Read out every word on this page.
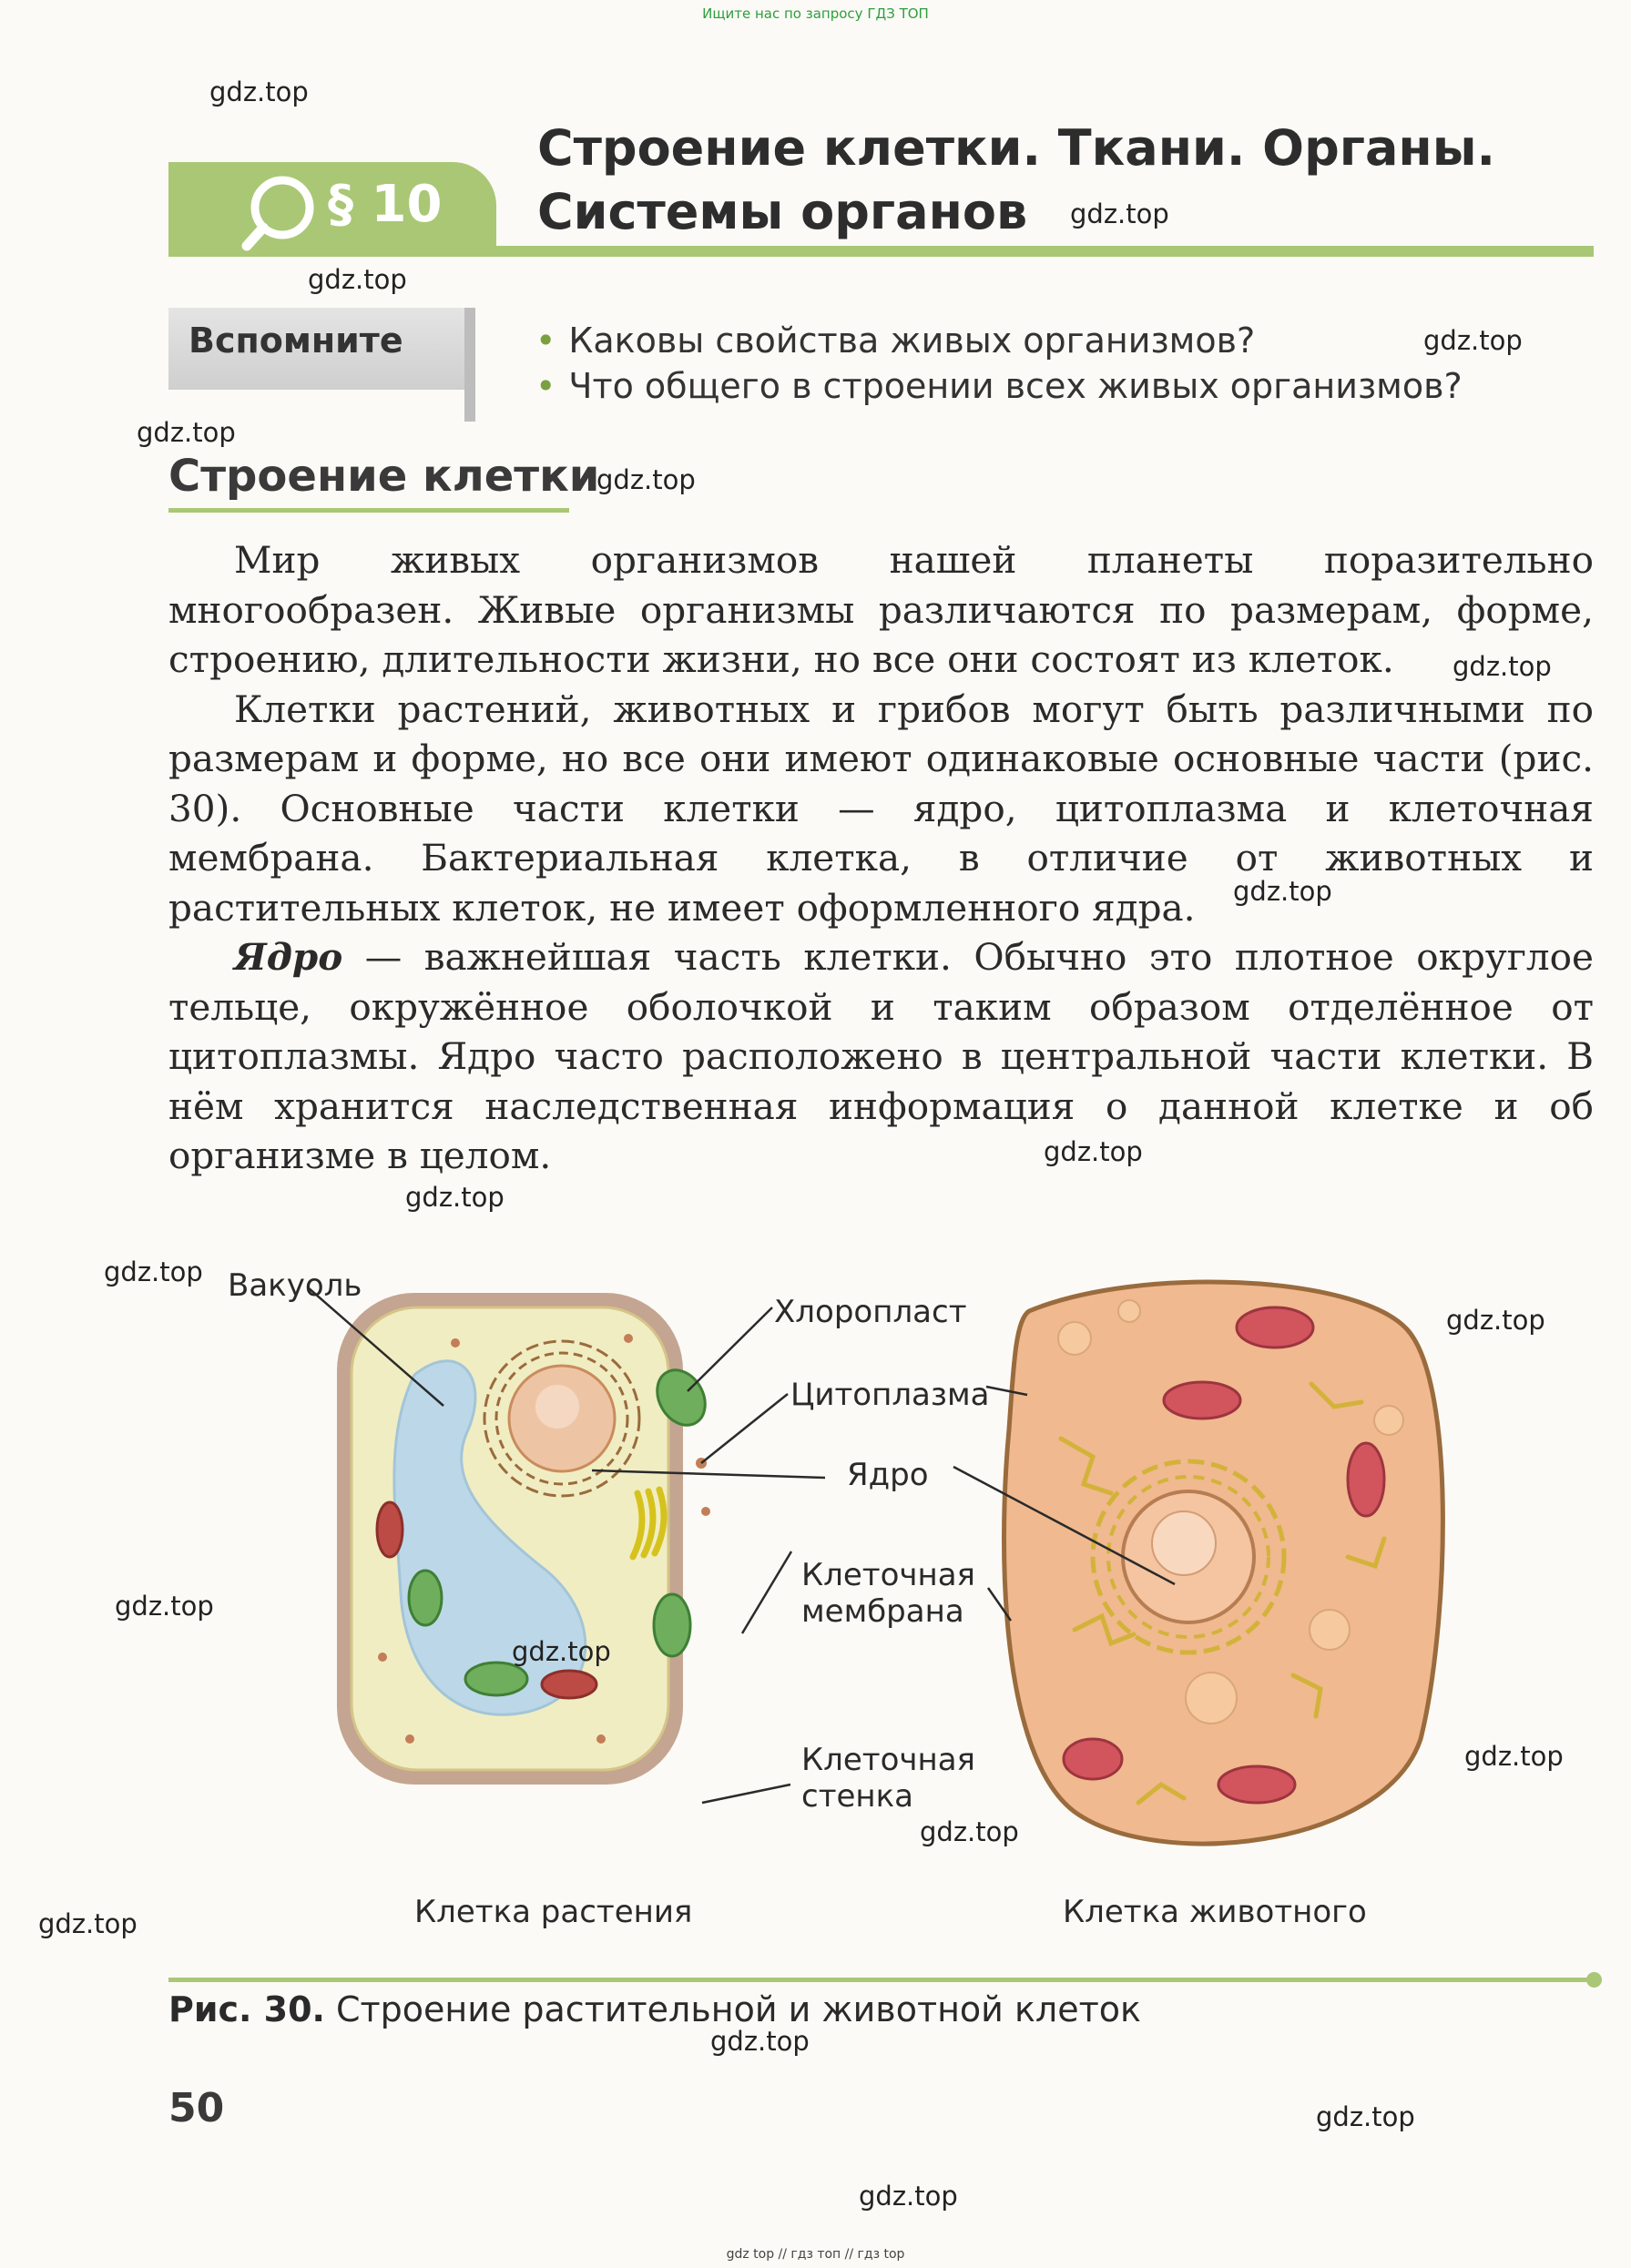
Ищите нас по запросу ГДЗ ТОП
gdz top // гдз топ // гдз top
§ 10
Строение клетки. Ткани. Органы.
Системы органов
Вспомните	• Каковы свойства живых организмов?
• Что общего в строении всех живых организмов?
Строение клетки

Мир живых организмов нашей планеты поразительно многообразен. Живые организмы различаются по размерам, форме, строению, длительности жизни, но все они состоят из клеток.

Клетки растений, животных и грибов могут быть различными по размерам и форме, но все они имеют одинаковые основные части (рис. 30). Основные части клетки — ядро, цитоплазма и клеточная мембрана. Бактериальная клетка, в отличие от животных и растительных клеток, не имеет оформленного ядра.

Ядро — важнейшая часть клетки. Обычно это плотное округлое тельце, окружённое оболочкой и таким образом отделённое от цитоплазмы. Ядро часто расположено в центральной части клетки. В нём хранится наследственная информация о данной клетке и об организме в целом.

Вакуоль
Хлоропласт
Цитоплазма
Ядро
Клеточная
мембрана
Клеточная
стенка
Клетка растения	Клетка животного
Рис. 30. Строение растительной и животной клеток
50
gdz.top
gdz.top
gdz.top
gdz.top
gdz.top
gdz.top
gdz.top
gdz.top
gdz.top
gdz.top
gdz.top
gdz.top
gdz.top
gdz.top
gdz.top
gdz.top
gdz.top
gdz.top
gdz.top
gdz.top
